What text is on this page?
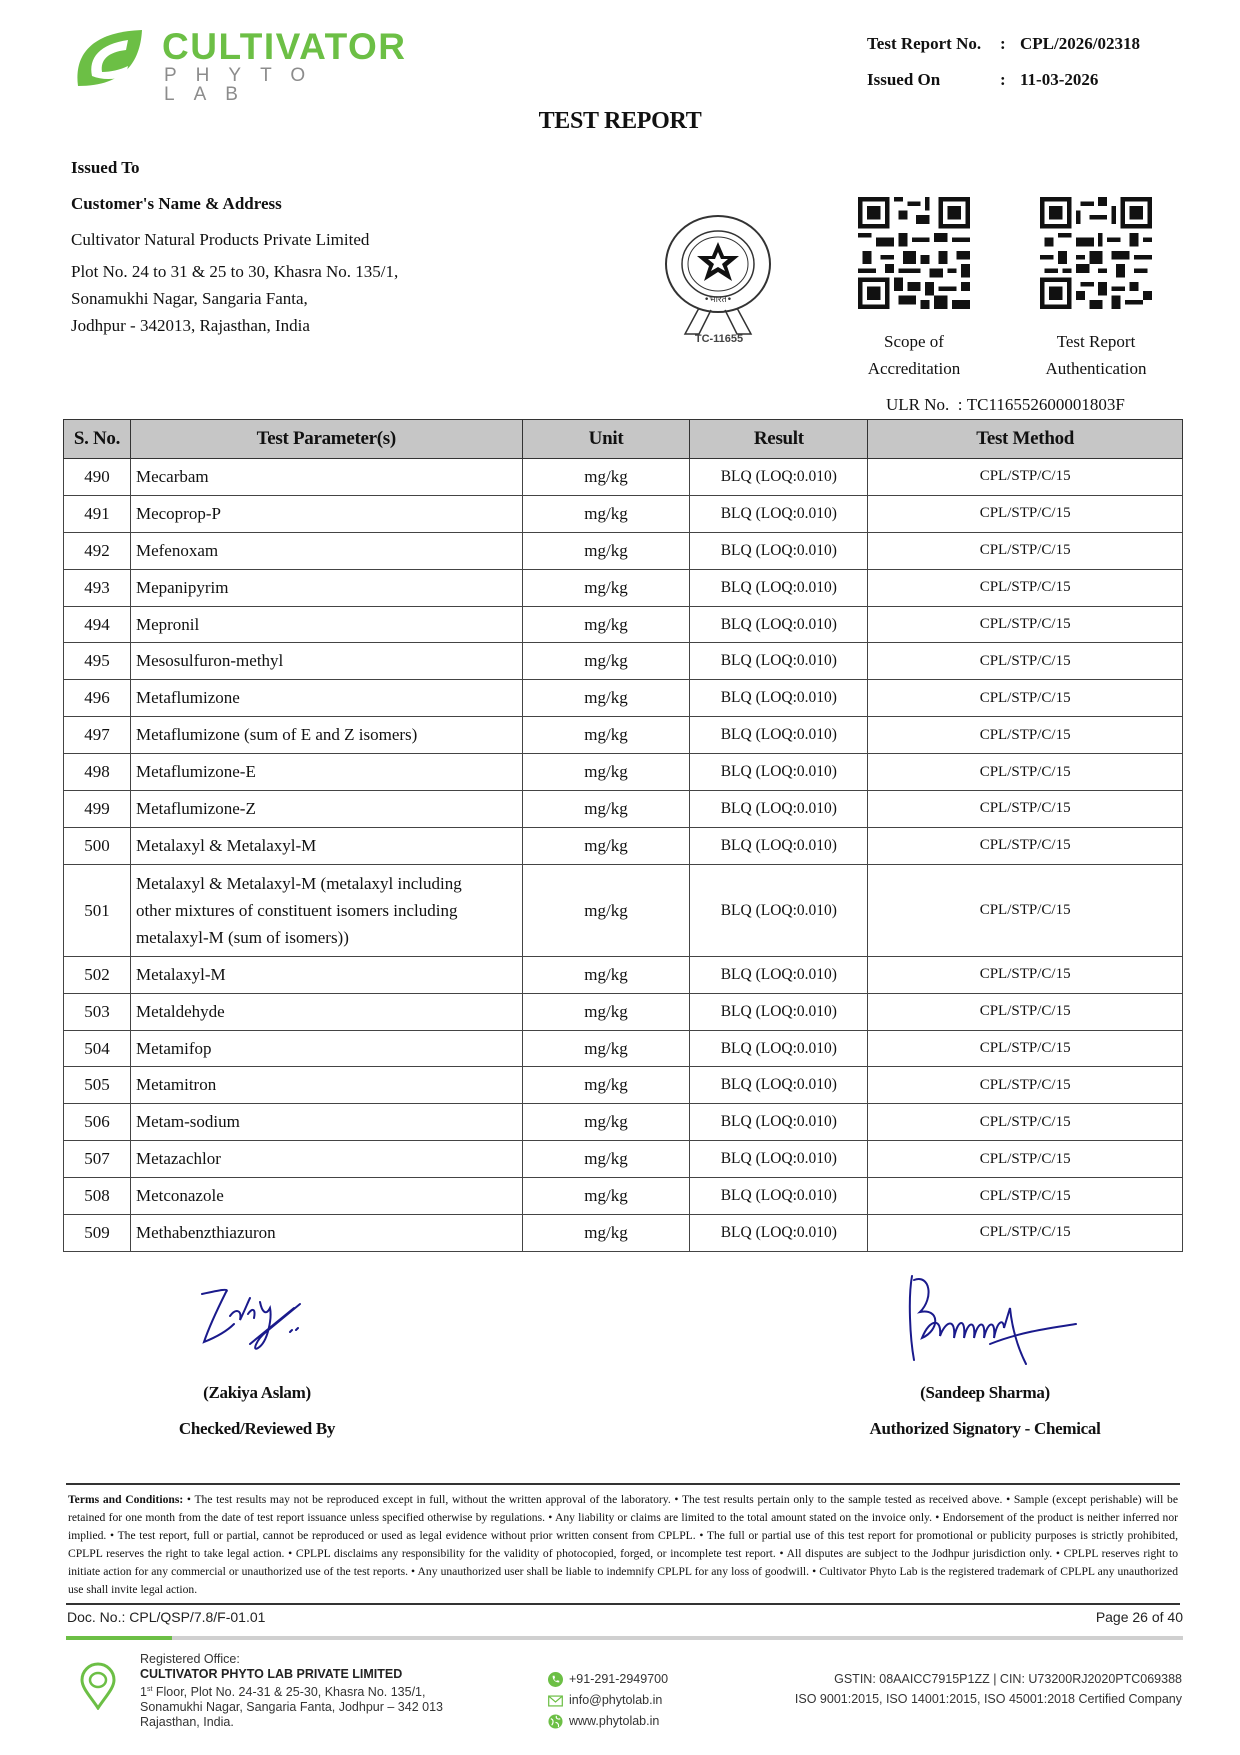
CULTIVATOR
PHYTO LAB
Test Report No.	: CPL/2026/02318
Issued On	: 11-03-2026
TEST REPORT
Issued To
Customer's Name & Address
Cultivator Natural Products Private Limited
Plot No. 24 to 31 & 25 to 30, Khasra No. 135/1,
Sonamukhi Nagar, Sangaria Fanta,
Jodhpur - 342013, Rajasthan, India
•भारत•
TC-11655	Scope of
Accreditation
Test Report
Authentication
ULR No.  : TC116552600001803F
S. No.	Test Parameter(s)	Unit	Result	Test Method
490	Mecarbam	mg/kg	BLQ (LOQ:0.010)	CPL/STP/C/15
491	Mecoprop-P	mg/kg	BLQ (LOQ:0.010)	CPL/STP/C/15
492	Mefenoxam	mg/kg	BLQ (LOQ:0.010)	CPL/STP/C/15
493	Mepanipyrim	mg/kg	BLQ (LOQ:0.010)	CPL/STP/C/15
494	Mepronil	mg/kg	BLQ (LOQ:0.010)	CPL/STP/C/15
495	Mesosulfuron-methyl	mg/kg	BLQ (LOQ:0.010)	CPL/STP/C/15
496	Metaflumizone	mg/kg	BLQ (LOQ:0.010)	CPL/STP/C/15
497	Metaflumizone (sum of E and Z isomers)	mg/kg	BLQ (LOQ:0.010)	CPL/STP/C/15
498	Metaflumizone-E	mg/kg	BLQ (LOQ:0.010)	CPL/STP/C/15
499	Metaflumizone-Z	mg/kg	BLQ (LOQ:0.010)	CPL/STP/C/15
500	Metalaxyl & Metalaxyl-M	mg/kg	BLQ (LOQ:0.010)	CPL/STP/C/15
501	Metalaxyl & Metalaxyl-M (metalaxyl including
other mixtures of constituent isomers including
metalaxyl-M (sum of isomers))	mg/kg	BLQ (LOQ:0.010)	CPL/STP/C/15
502	Metalaxyl-M	mg/kg	BLQ (LOQ:0.010)	CPL/STP/C/15
503	Metaldehyde	mg/kg	BLQ (LOQ:0.010)	CPL/STP/C/15
504	Metamifop	mg/kg	BLQ (LOQ:0.010)	CPL/STP/C/15
505	Metamitron	mg/kg	BLQ (LOQ:0.010)	CPL/STP/C/15
506	Metam-sodium	mg/kg	BLQ (LOQ:0.010)	CPL/STP/C/15
507	Metazachlor	mg/kg	BLQ (LOQ:0.010)	CPL/STP/C/15
508	Metconazole	mg/kg	BLQ (LOQ:0.010)	CPL/STP/C/15
509	Methabenzthiazuron	mg/kg	BLQ (LOQ:0.010)	CPL/STP/C/15
(Zakiya Aslam)
Checked/Reviewed By
(Sandeep Sharma)
Authorized Signatory - Chemical
Terms and Conditions: • The test results may not be reproduced except in full, without the written approval of the laboratory. • The test results pertain only to the sample tested as received above. • Sample (except perishable) will be retained for one month from the date of test report issuance unless specified otherwise by regulations. • Any liability or claims are limited to the total amount stated on the invoice only. • Endorsement of the product is neither inferred nor implied. • The test report, full or partial, cannot be reproduced or used as legal evidence without prior written consent from CPLPL. • The full or partial use of this test report for promotional or publicity purposes is strictly prohibited, CPLPL reserves the right to take legal action. • CPLPL disclaims any responsibility for the validity of photocopied, forged, or incomplete test report. • All disputes are subject to the Jodhpur jurisdiction only. • CPLPL reserves right to initiate action for any commercial or unauthorized use of the test reports. • Any unauthorized user shall be liable to indemnify CPLPL for any loss of goodwill. • Cultivator Phyto Lab is the registered trademark of CPLPL any unauthorized use shall invite legal action.
Doc. No.: CPL/QSP/7.8/F-01.01	Page 26 of 40
Registered Office:
CULTIVATOR PHYTO LAB PRIVATE LIMITED
1st Floor, Plot No. 24-31 & 25-30, Khasra No. 135/1,
Sonamukhi Nagar, Sangaria Fanta, Jodhpur – 342 013
Rajasthan, India.
+91-291-2949700
info@phytolab.in
www.phytolab.in
GSTIN: 08AAICC7915P1ZZ | CIN: U73200RJ2020PTC069388
ISO 9001:2015, ISO 14001:2015, ISO 45001:2018 Certified Company
